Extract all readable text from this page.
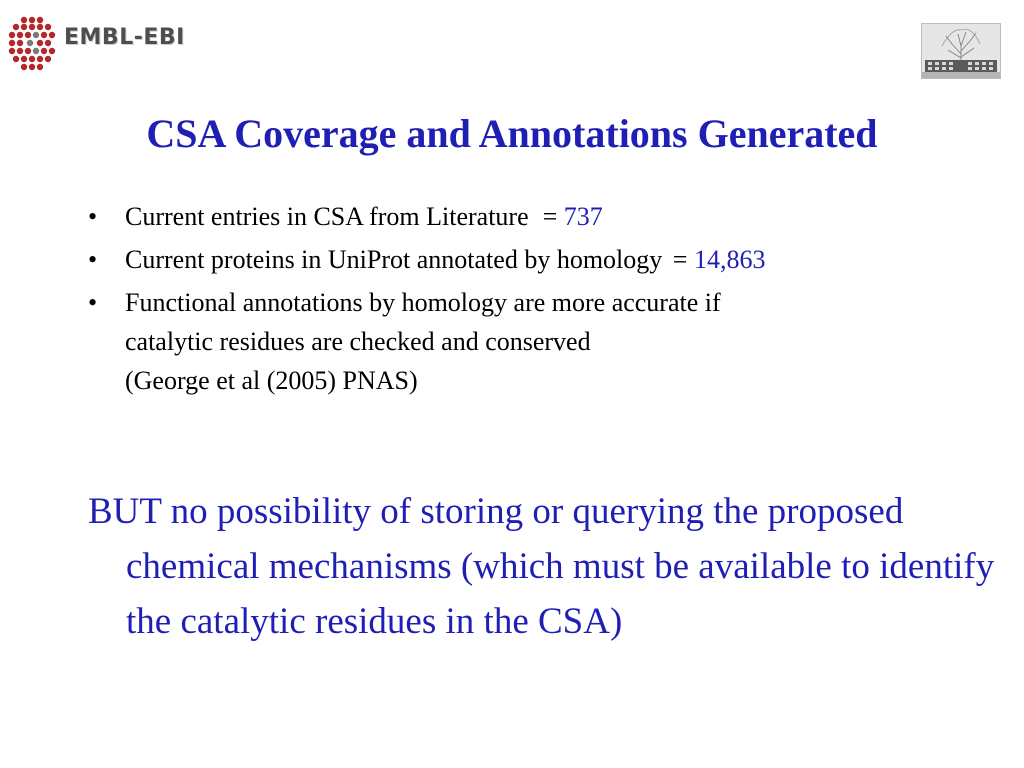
EMBL-EBI
CSA Coverage and Annotations Generated
•	Current entries in CSA from Literature = 737
•	Current proteins in UniProt annotated by homology = 14,863
•	Functional annotations by homology are more accurate if
catalytic residues are checked and conserved
(George et al (2005) PNAS)

BUT no possibility of storing or querying the proposed chemical mechanisms (which must be available to identify the catalytic residues in the CSA)
